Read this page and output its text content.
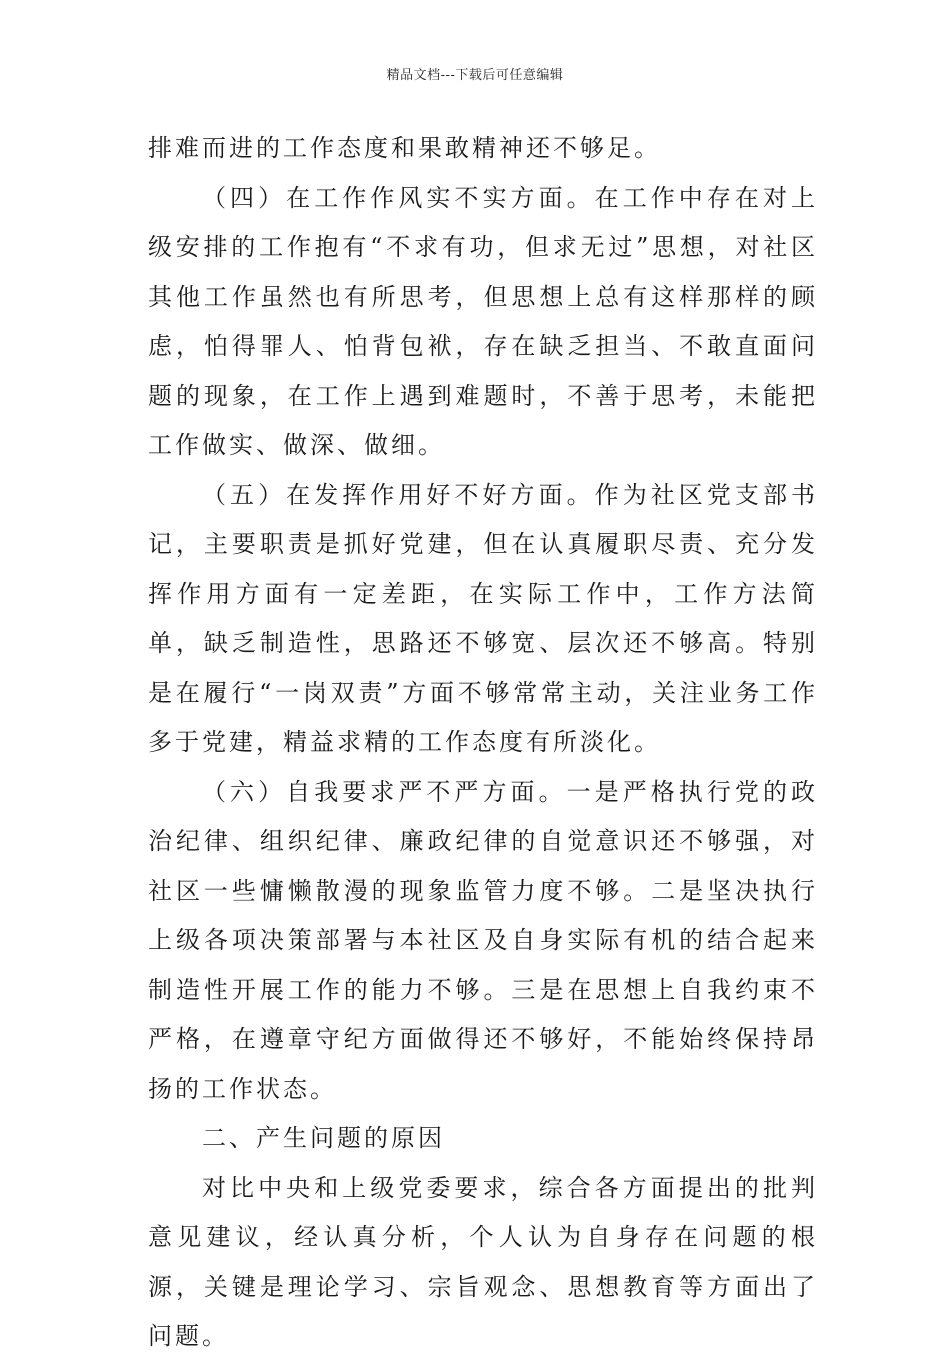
精品文档---下载后可任意编辑

排难而进的工作态度和果敢精神还不够足。

（四）在工作作风实不实方面。在工作中存在对上级安排的工作抱有“不求有功，但求无过”思想，对社区其他工作虽然也有所思考，但思想上总有这样那样的顾虑，怕得罪人、怕背包袱，存在缺乏担当、不敢直面问题的现象，在工作上遇到难题时，不善于思考，未能把工作做实、做深、做细。

（五）在发挥作用好不好方面。作为社区党支部书记，主要职责是抓好党建，但在认真履职尽责、充分发挥作用方面有一定差距，在实际工作中，工作方法简单，缺乏制造性，思路还不够宽、层次还不够高。特别是在履行“一岗双责”方面不够常常主动，关注业务工作多于党建，精益求精的工作态度有所淡化。

（六）自我要求严不严方面。一是严格执行党的政治纪律、组织纪律、廉政纪律的自觉意识还不够强，对社区一些慵懒散漫的现象监管力度不够。二是坚决执行上级各项决策部署与本社区及自身实际有机的结合起来制造性开展工作的能力不够。三是在思想上自我约束不严格，在遵章守纪方面做得还不够好，不能始终保持昂扬的工作状态。

二、产生问题的原因

对比中央和上级党委要求，综合各方面提出的批判意见建议，经认真分析，个人认为自身存在问题的根源，关键是理论学习、宗旨观念、思想教育等方面出了问题。
